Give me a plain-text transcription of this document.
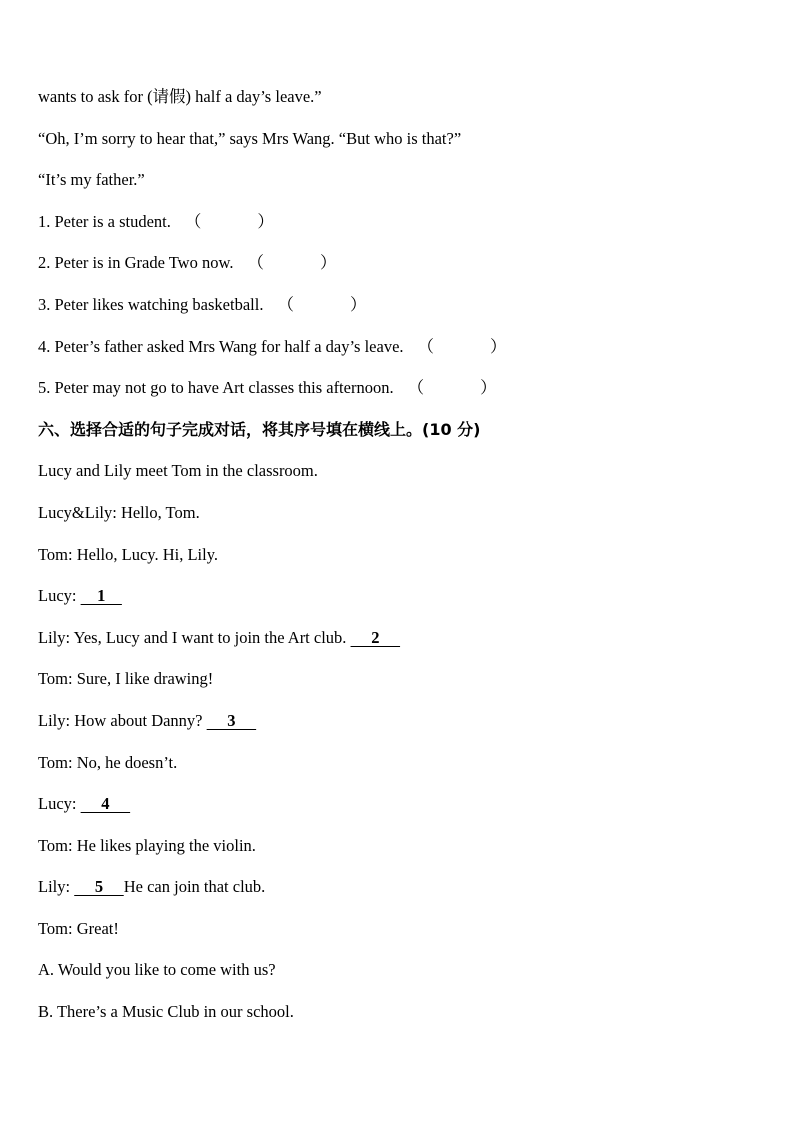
wants to ask for (请假) half a day’s leave.”
“Oh, I’m sorry to hear that,” says Mrs Wang. “But who is that?”
“It’s my father.”
1. Peter is a student. （	）
2. Peter is in Grade Two now. （	）
3. Peter likes watching basketball. （	）
4. Peter’s father asked Mrs Wang for half a day’s leave. （	）
5. Peter may not go to have Art classes this afternoon. （	）
六、选择合适的句子完成对话，将其序号填在横线上。(10 分)
Lucy and Lily meet Tom in the classroom.
Lucy&Lily: Hello, Tom.
Tom: Hello, Lucy. Hi, Lily.
Lucy:     1
Lily: Yes, Lucy and I want to join the Art club.      2
Tom: Sure, I like drawing!
Lily: How about Danny?      3
Tom: No, he doesn’t.
Lucy:      4
Tom: He likes playing the violin.
Lily:      5     He can join that club.
Tom: Great!
A. Would you like to come with us?
B. There’s a Music Club in our school.
